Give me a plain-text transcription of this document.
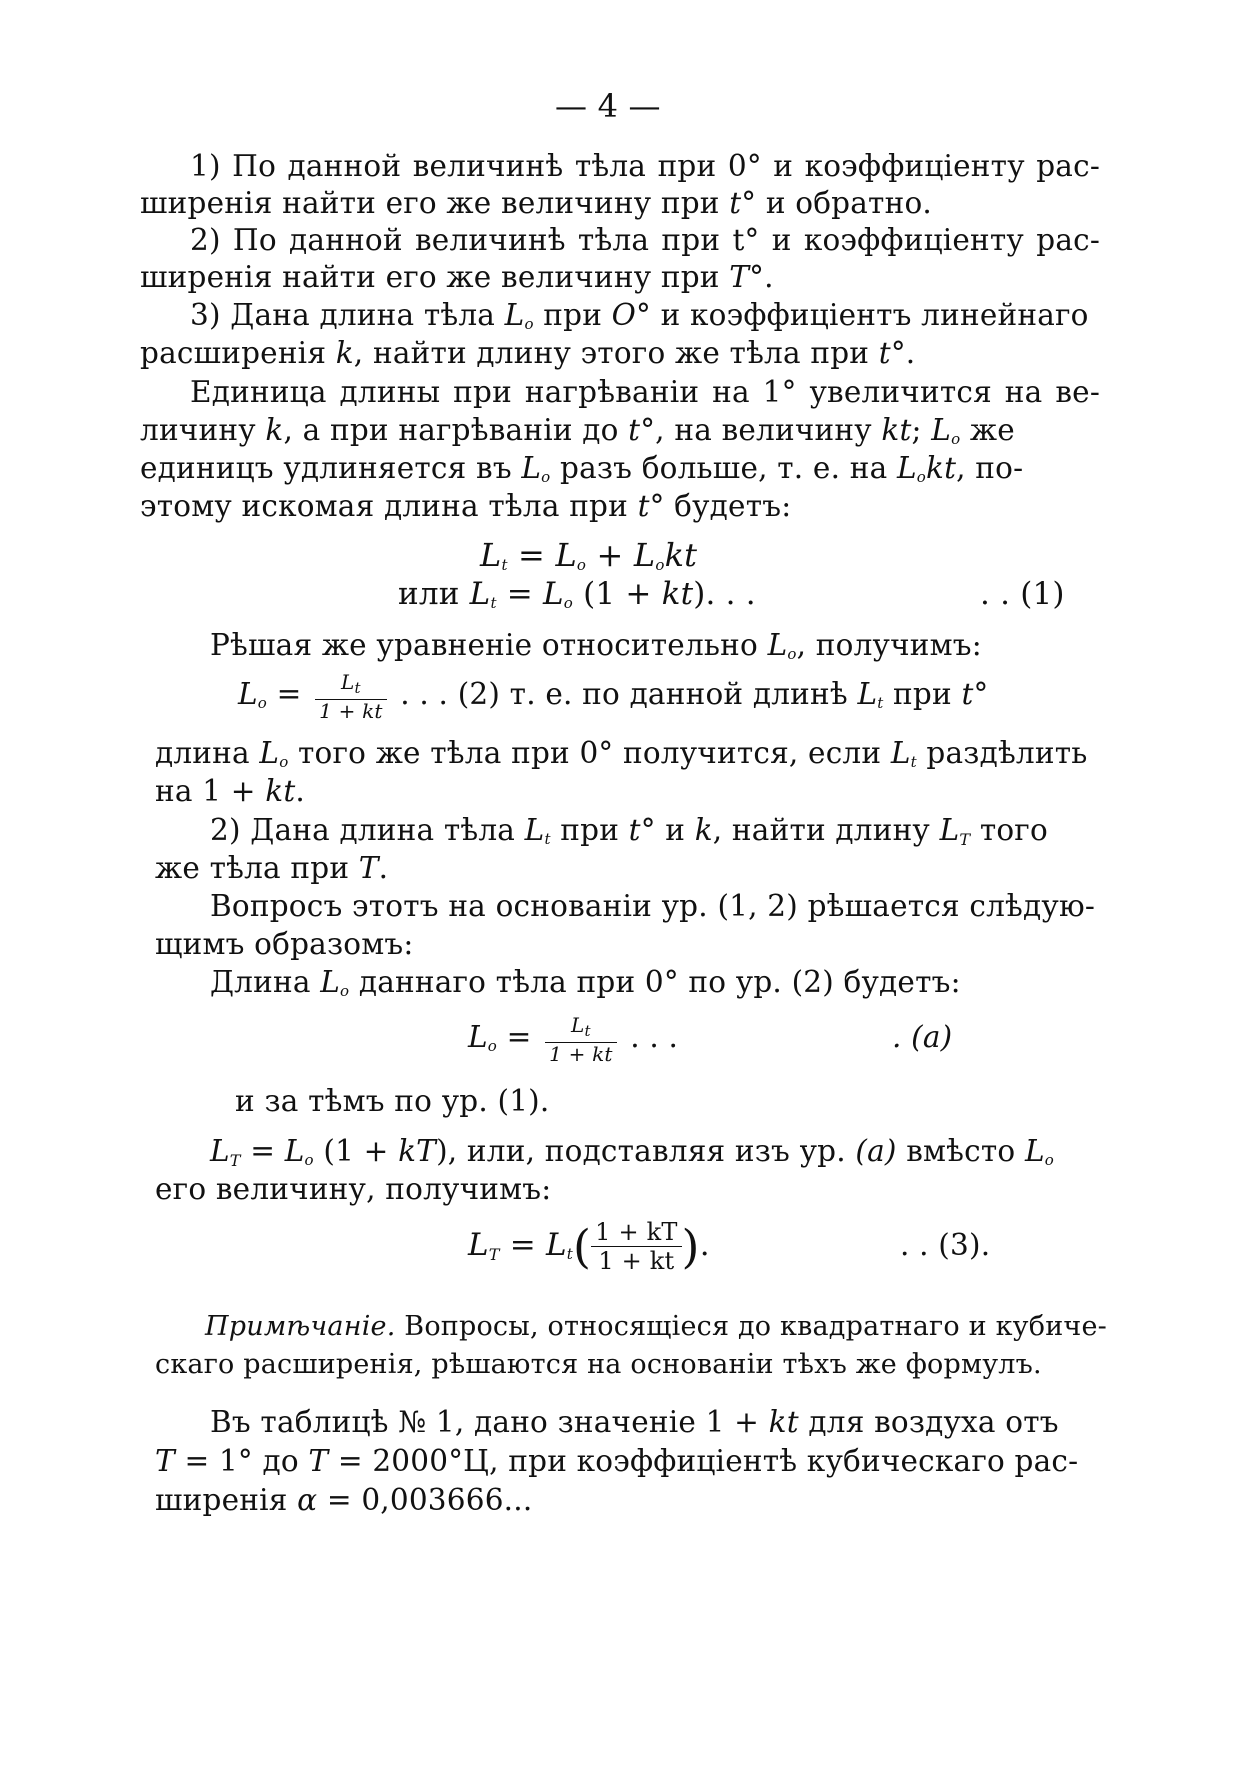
— 4 —
1) По данной величинѣ тѣла при 0° и коэффиціенту рас-
ширенія найти его же величину при t° и обратно.
2) По данной величинѣ тѣла при t° и коэффиціенту рас-
ширенія найти его же величину при T°.
3) Дана длина тѣла $L_o$ при O° и коэффиціентъ линейнаго
расширенія k, найти длину этого же тѣла при t°.
Единица длины при нагрѣваніи на 1° увеличится на ве-
личину k, а при нагрѣваніи до t°, на величину kt; $L_o$ же
единицъ удлиняется въ $L_o$ разъ больше, т. е. на $L_okt$, по-
этому искомая длина тѣла при t° будетъ:
$L_t = L_o + L_okt$
или $L_t = L_o$ (1 + kt). . .	. . (1)
Рѣшая же уравненіе относительно $L_o$, получимъ:
$L_o = \frac{L_t}{1 + kt}$ . . . (2) т. е. по данной длинѣ $L_t$ при t°
длина $L_o$ того же тѣла при 0° получится, если $L_t$ раздѣлить
на 1 + kt.
2) Дана длина тѣла $L_t$ при t° и k, найти длину $L_T$ того
же тѣла при T.
Вопросъ этотъ на основаніи ур. (1, 2) рѣшается слѣдую-
щимъ образомъ:
Длина $L_o$ даннаго тѣла при 0° по ур. (2) будетъ:
$L_o = \frac{L_t}{1 + kt}$ . . .	. (a)
и за тѣмъ по ур. (1).
$L_T = L_o$ (1 + kT), или, подставляя изъ ур. (a) вмѣсто $L_o$
его величину, получимъ:
$L_T = L_t( \frac{1 + kT}{1 + kt}$ ).	. . (3).
Примѣчаніе. Вопросы, относящіеся до квадратнаго и кубиче-
скаго расширенія, рѣшаются на основаніи тѣхъ же формулъ.
Въ таблицѣ № 1, дано значеніе 1 + kt для воздуха отъ
T = 1° до T = 2000°Ц, при коэффиціентѣ кубическаго рас-
ширенія α = 0,003666...
